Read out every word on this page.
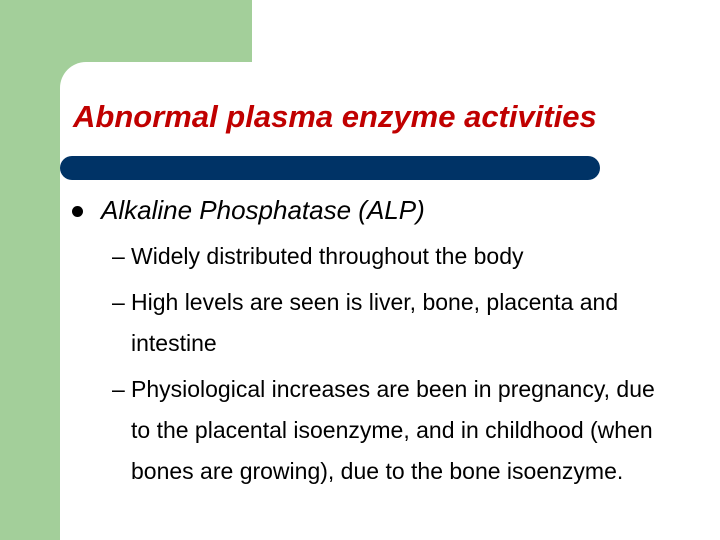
Abnormal plasma enzyme activities
Alkaline Phosphatase (ALP)
– Widely distributed throughout the body
– High levels are seen is liver, bone, placenta and intestine
– Physiological increases are been in pregnancy, due to the placental isoenzyme, and in childhood (when bones are growing), due to the bone isoenzyme.
